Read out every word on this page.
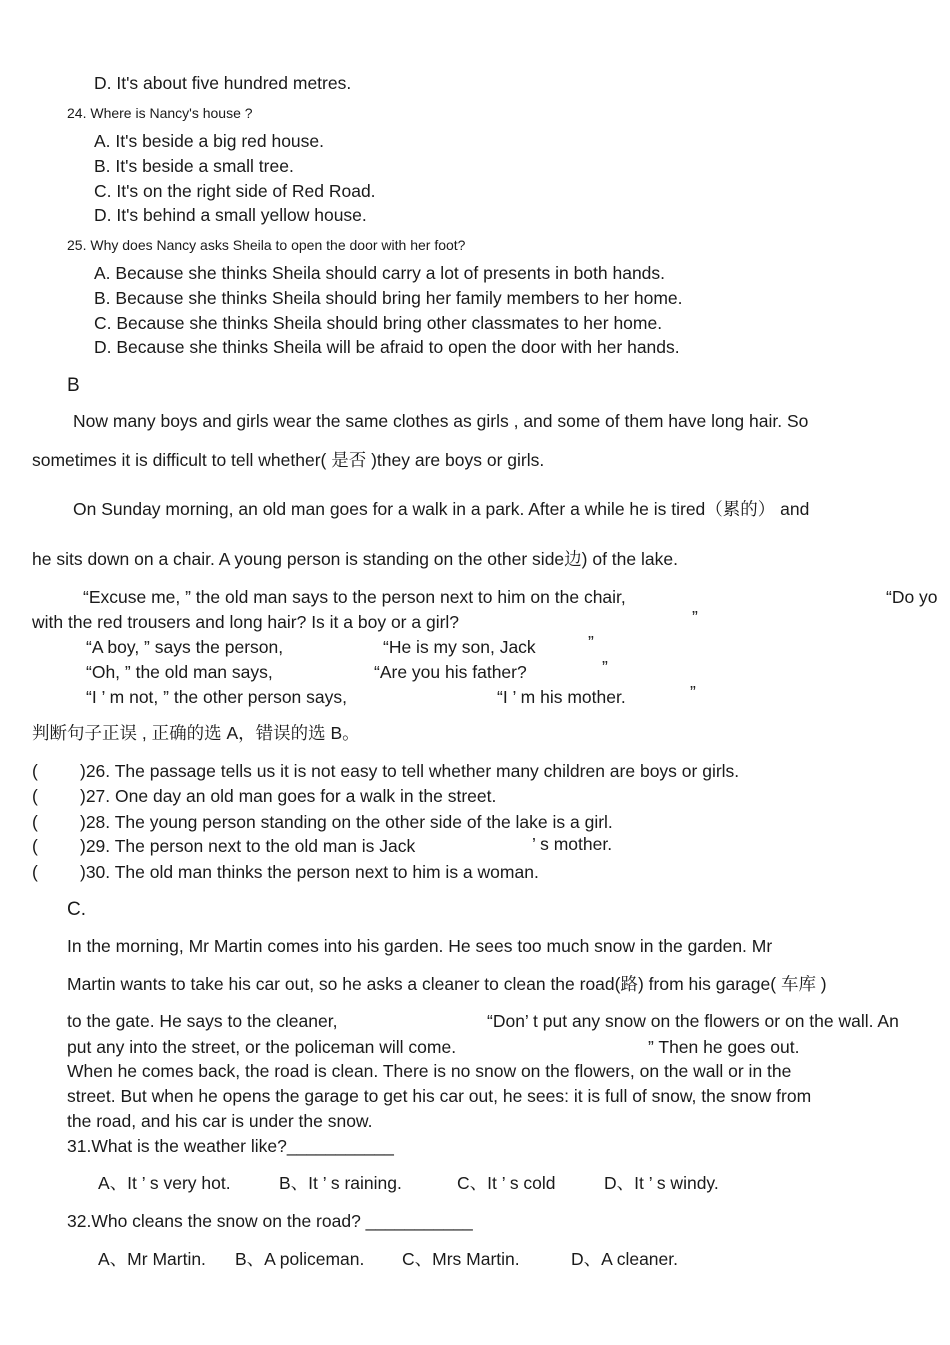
D. It's about five hundred metres.
24. Where is Nancy's house ?
A. It's beside a big red house.
B. It's beside a small tree.
C. It's on the right side of Red Road.
D. It's behind a small yellow house.
25. Why does Nancy asks Sheila to open the door with her foot?
A. Because she thinks Sheila should carry a lot of presents in both hands.
B. Because she thinks Sheila should bring her family members to her home.
C. Because she thinks Sheila should bring other classmates to her home.
D. Because she thinks Sheila will be afraid to open the door with her hands.
B
Now many boys and girls wear the same clothes as girls , and some of them have long hair. So
sometimes it is difficult to tell whether( 是否 )they are boys or girls.
On Sunday morning, an old man goes for a walk in a park. After a while he is tired（累的） and
he sits down on a chair. A young person is standing on the other side边) of the lake.
“Excuse me, ” the old man says to the person next to him on the chair,	“Do yo
with the red trousers and long hair? Is it a boy or a girl?	”
“A boy, ” says the person,	“He is my son, Jack	”
“Oh, ” the old man says,	“Are you his father?	”
“I ’ m not, ” the other person says,	“I ’ m his mother.	”
判断句子正误 , 正确的选 A，错误的选 B。
( )26. The passage tells us it is not easy to tell whether many children are boys or girls.
( )27. One day an old man goes for a walk in the street.
( )28. The young person standing on the other side of the lake is a girl.
( )29. The person next to the old man is Jack	’ s mother.
( )30. The old man thinks the person next to him is a woman.
C.
In the morning, Mr Martin comes into his garden. He sees too much snow in the garden. Mr
Martin wants to take his car out, so he asks a cleaner to clean the road(路) from his garage( 车库 )
to the gate. He says to the cleaner,	“Don’ t put any snow on the flowers or on the wall. An
put any into the street, or the policeman will come.	” Then he goes out.
When he comes back, the road is clean. There is no snow on the flowers, on the wall or in the
street. But when he opens the garage to get his car out, he sees: it is full of snow, the snow from
the road, and his car is under the snow.
31.What is the weather like?___________
A、It ’ s very hot.	B、It ’ s raining.	C、It ’ s cold	D、It ’ s windy.
32.Who cleans the snow on the road? ___________
A、Mr Martin. B、A policeman. C、Mrs Martin.	D、A cleaner.
